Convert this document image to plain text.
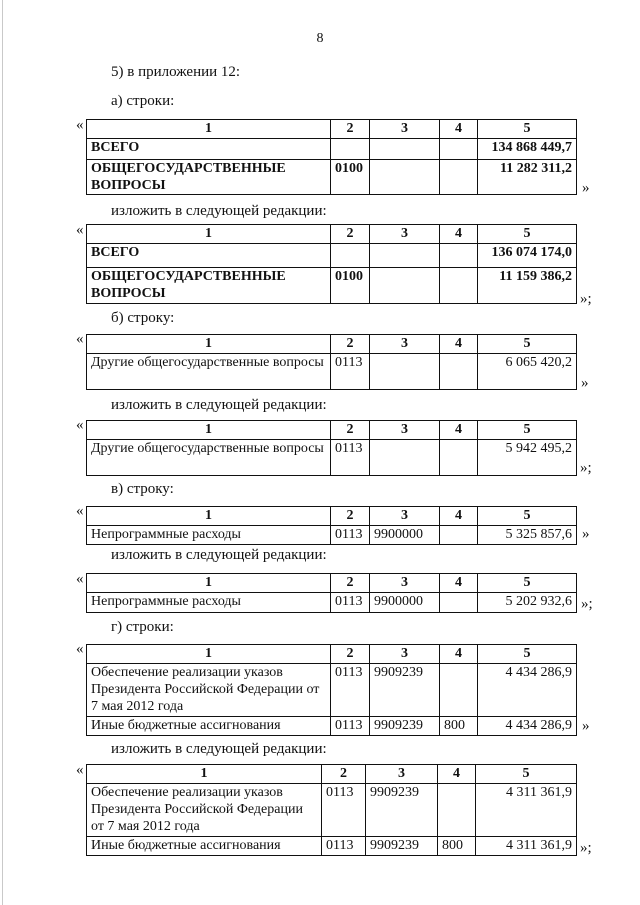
8
5) в приложении 12:
а) строки:
изложить в следующей редакции:
б) строку:
изложить в следующей редакции:
в) строку:
изложить в следующей редакции:
г) строки:
изложить в следующей редакции:
«	1	2	3	4	5
ВСЕГО				134 868 449,7
ОБЩЕГОСУДАРСТВЕННЫЕ ВОПРОСЫ	0100			11 282 311,2
»
«	1	2	3	4	5
ВСЕГО				136 074 174,0
ОБЩЕГОСУДАРСТВЕННЫЕ ВОПРОСЫ	0100			11 159 386,2
»;
«	1	2	3	4	5
Другие общегосударственные вопросы	0113			6 065 420,2
»
«	1	2	3	4	5
Другие общегосударственные вопросы	0113			5 942 495,2
»;
«	1	2	3	4	5
Непрограммные расходы	0113	9900000		5 325 857,6 »
«	1	2	3	4	5
Непрограммные расходы	0113	9900000		5 202 932,6 »;
«	1	2	3	4	5
Обеспечение реализации указов Президента Российской Федерации от 7 мая 2012 года	0113	9909239		4 434 286,9
Иные бюджетные ассигнования	0113	9909239	800	4 434 286,9 »
«	1	2	3	4	5
Обеспечение реализации указов Президента Российской Федерации от 7 мая 2012 года	0113	9909239		4 311 361,9
Иные бюджетные ассигнования	0113	9909239	800	4 311 361,9 »;
